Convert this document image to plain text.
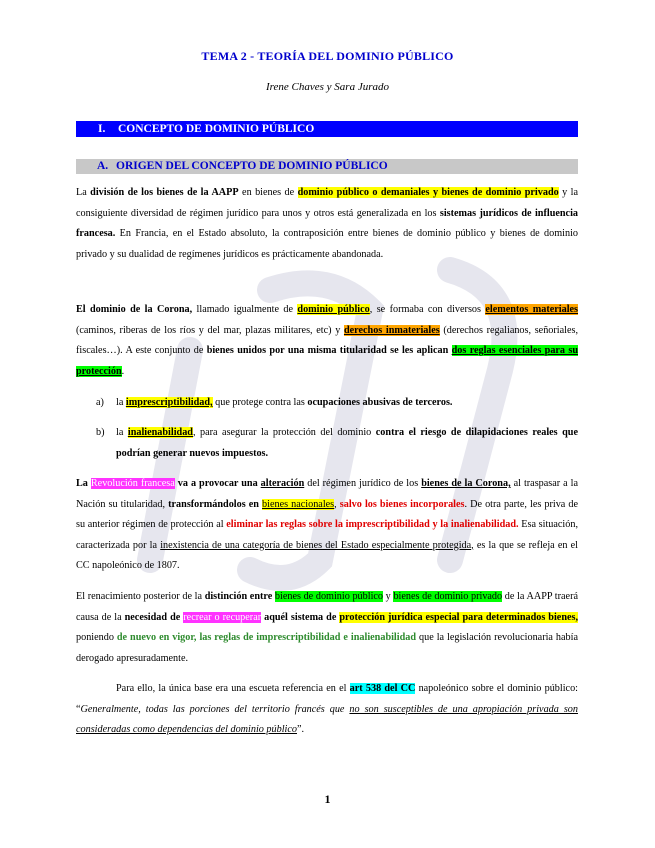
TEMA 2 - TEORÍA DEL DOMINIO PÚBLICO
Irene Chaves y Sara Jurado
I. CONCEPTO DE DOMINIO PÚBLICO
A. ORIGEN DEL CONCEPTO DE DOMINIO PÚBLICO
La división de los bienes de la AAPP en bienes de dominio público o demaniales y bienes de dominio privado y la consiguiente diversidad de régimen jurídico para unos y otros está generalizada en los sistemas jurídicos de influencia francesa. En Francia, en el Estado absoluto, la contraposición entre bienes de dominio público y bienes de dominio privado y su dualidad de regímenes jurídicos es prácticamente abandonada.
El dominio de la Corona, llamado igualmente de dominio público, se formaba con diversos elementos materiales (caminos, riberas de los ríos y del mar, plazas militares, etc) y derechos inmateriales (derechos regalianos, señoriales, fiscales…). A este conjunto de bienes unidos por una misma titularidad se les aplican dos reglas esenciales para su protección.
a) la imprescriptibilidad, que protege contra las ocupaciones abusivas de terceros.
b) la inalienabilidad, para asegurar la protección del dominio contra el riesgo de dilapidaciones reales que podrían generar nuevos impuestos.
La Revolución francesa va a provocar una alteración del régimen jurídico de los bienes de la Corona, al traspasar a la Nación su titularidad, transformándolos en bienes nacionales, salvo los bienes incorporales. De otra parte, les priva de su anterior régimen de protección al eliminar las reglas sobre la imprescriptibilidad y la inalienabilidad. Esa situación, caracterizada por la inexistencia de una categoría de bienes del Estado especialmente protegida, es la que se refleja en el CC napoleónico de 1807.
El renacimiento posterior de la distinción entre bienes de dominio público y bienes de dominio privado de la AAPP traerá causa de la necesidad de recrear o recuperar aquél sistema de protección jurídica especial para determinados bienes, poniendo de nuevo en vigor, las reglas de imprescriptibilidad e inalienabilidad que la legislación revolucionaria había derogado apresuradamente.
Para ello, la única base era una escueta referencia en el art 538 del CC napoleónico sobre el dominio público: “Generalmente, todas las porciones del territorio francés que no son susceptibles de una apropiación privada son consideradas como dependencias del dominio público”.
1
